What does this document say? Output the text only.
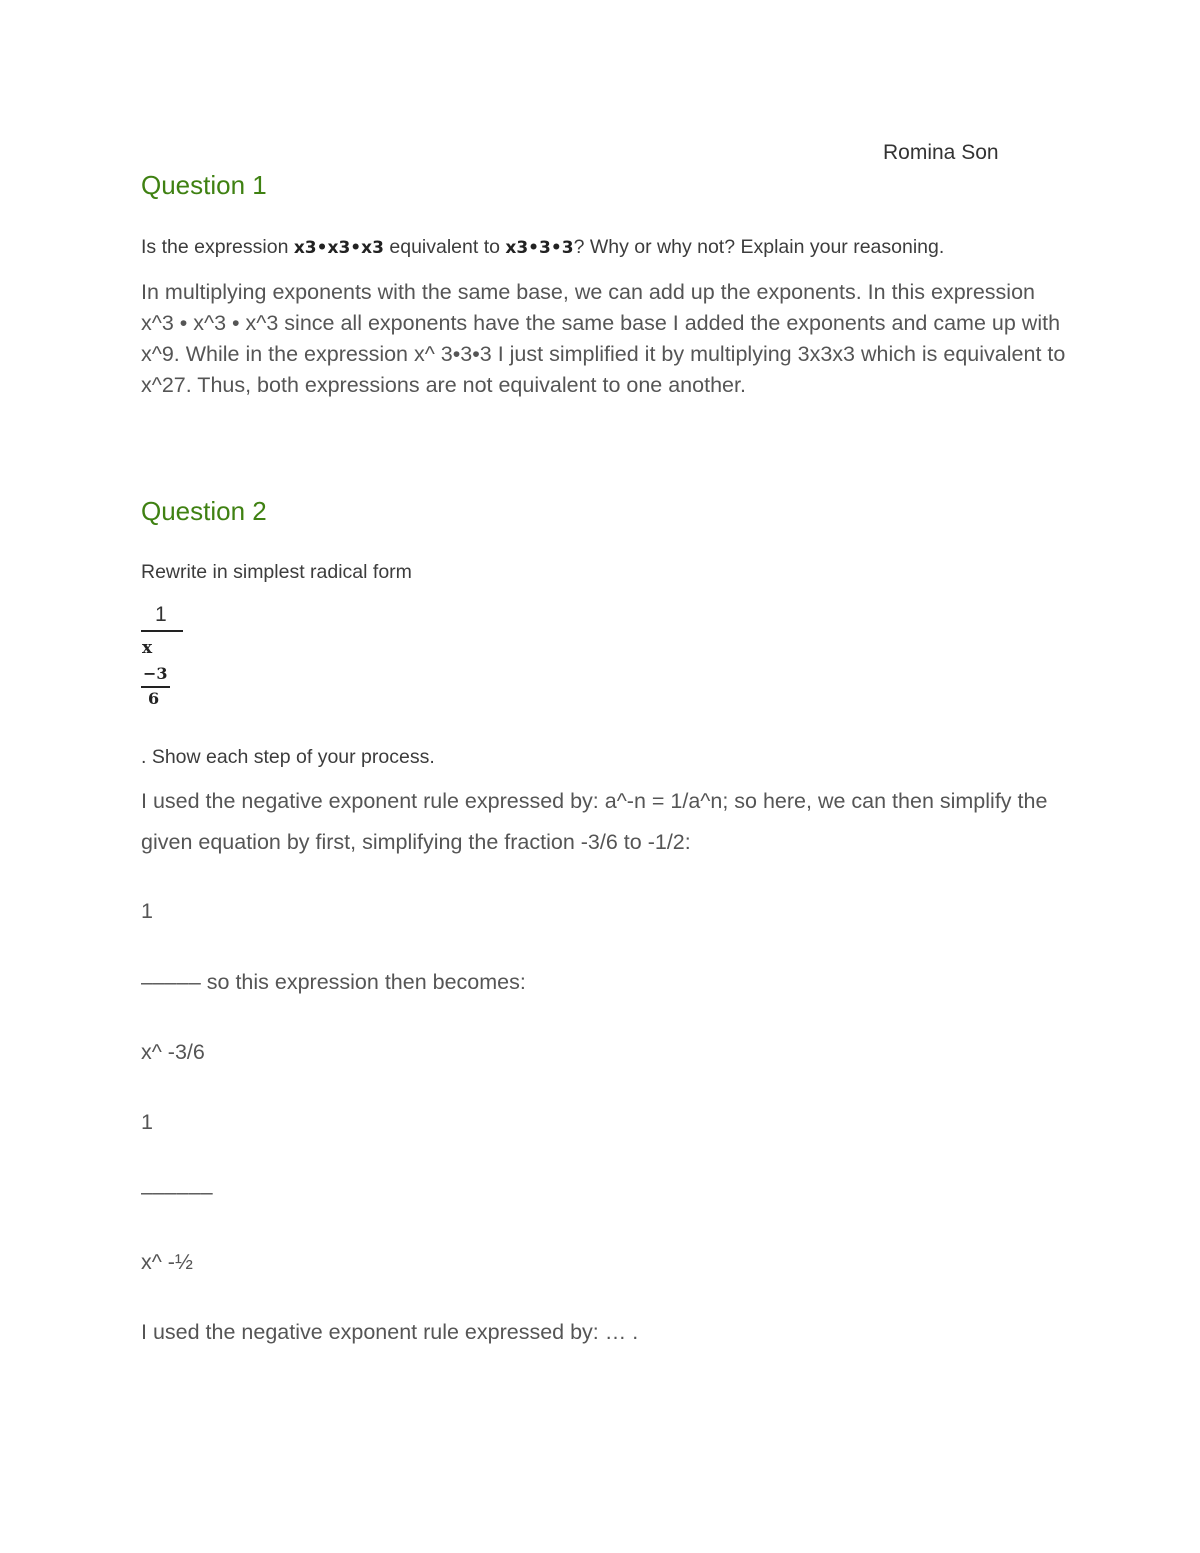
Romina Son
Question 1
Is the expression x3•x3•x3 equivalent to x3•3•3? Why or why not? Explain your reasoning.

In multiplying exponents with the same base, we can add up the exponents. In this expression x^3 • x^3 • x^3 since all exponents have the same base I added the exponents and came up with x^9. While in the expression x^ 3•3•3 I just simplified it by multiplying 3x3x3 which is equivalent to x^27. Thus, both expressions are not equivalent to one another.

Question 2
Rewrite in simplest radical form
1
x
−3
6
. Show each step of your process.

I used the negative exponent rule expressed by: a^-n = 1/a^n; so here, we can then simplify the given equation by first, simplifying the fraction -3/6 to -1/2:

1
––––– so this expression then becomes:
x^ -3/6
1
––––––
x^ -½
I used the negative exponent rule expressed by: … .
